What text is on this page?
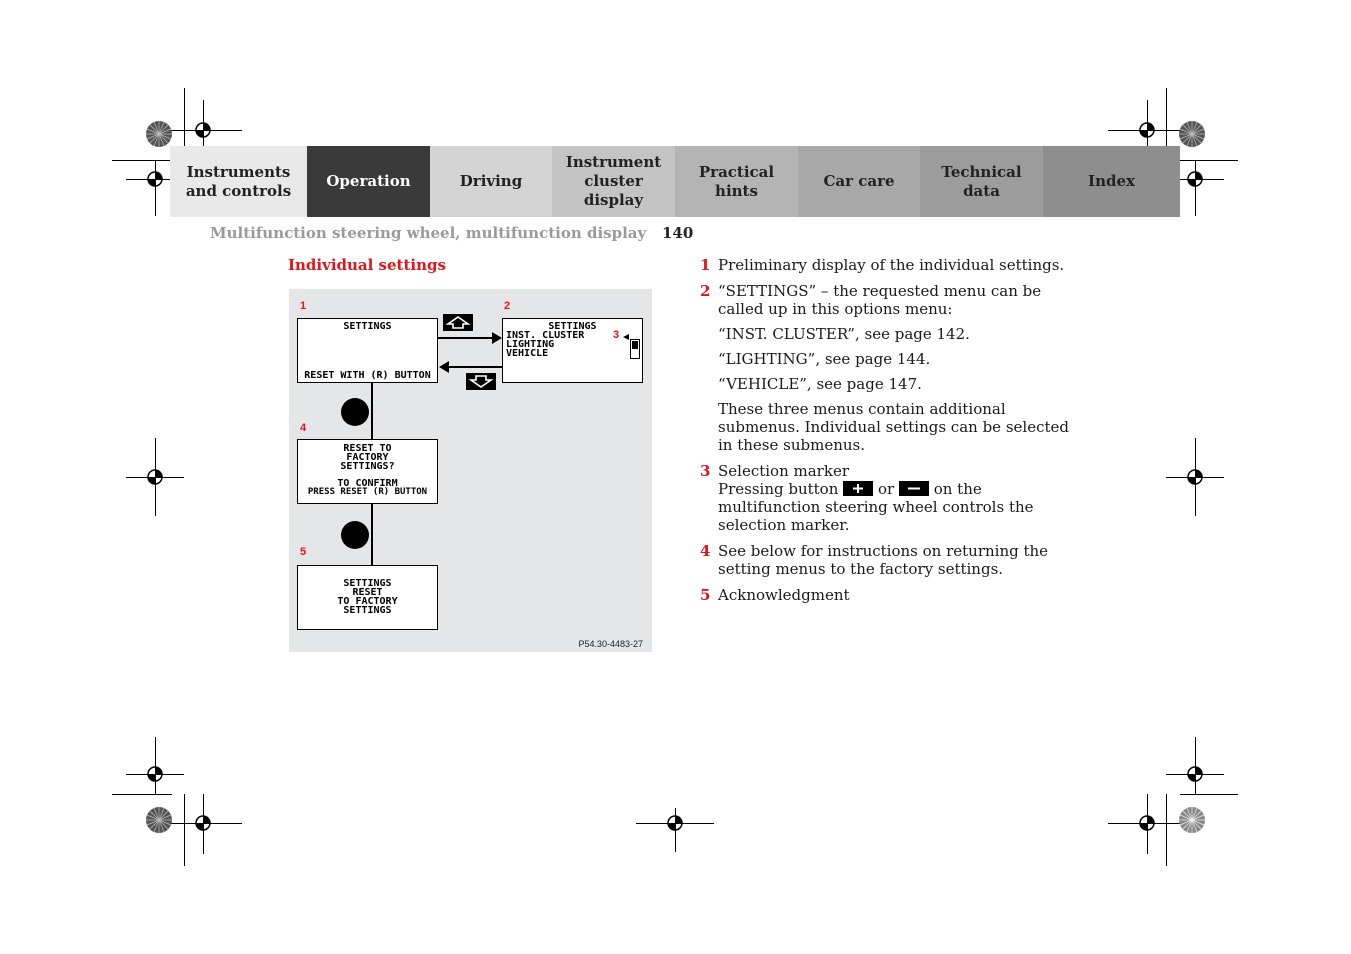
Instruments
and controls
Operation	Driving
Instrument
cluster display
Practical hints
Car care
Technical
data
Index
Multifunction steering wheel, multifunction display 140
Individual settings
1	2
4
5
SETTINGS
RESET WITH (R) BUTTON
SETTINGS
INST. CLUSTER
LIGHTING
VEHICLE
3
RESET TO
FACTORY
SETTINGS?
TO CONFIRM
PRESS RESET (R) BUTTON
SETTINGS
RESET
TO FACTORY
SETTINGS
P54.30-4483-27
1 Preliminary display of the individual settings.
2 “SETTINGS” – the requested menu can be called up in this options menu:

“INST. CLUSTER”, see page 142.

“LIGHTING”, see page 144.

“VEHICLE”, see page 147.

These three menus contain additional submenus. Individual settings can be selected in these submenus.

3 Selection marker
Pressing button	or	on the multifunction steering wheel controls the selection marker.
4 See below for instructions on returning the setting menus to the factory settings.
5 Acknowledgment
